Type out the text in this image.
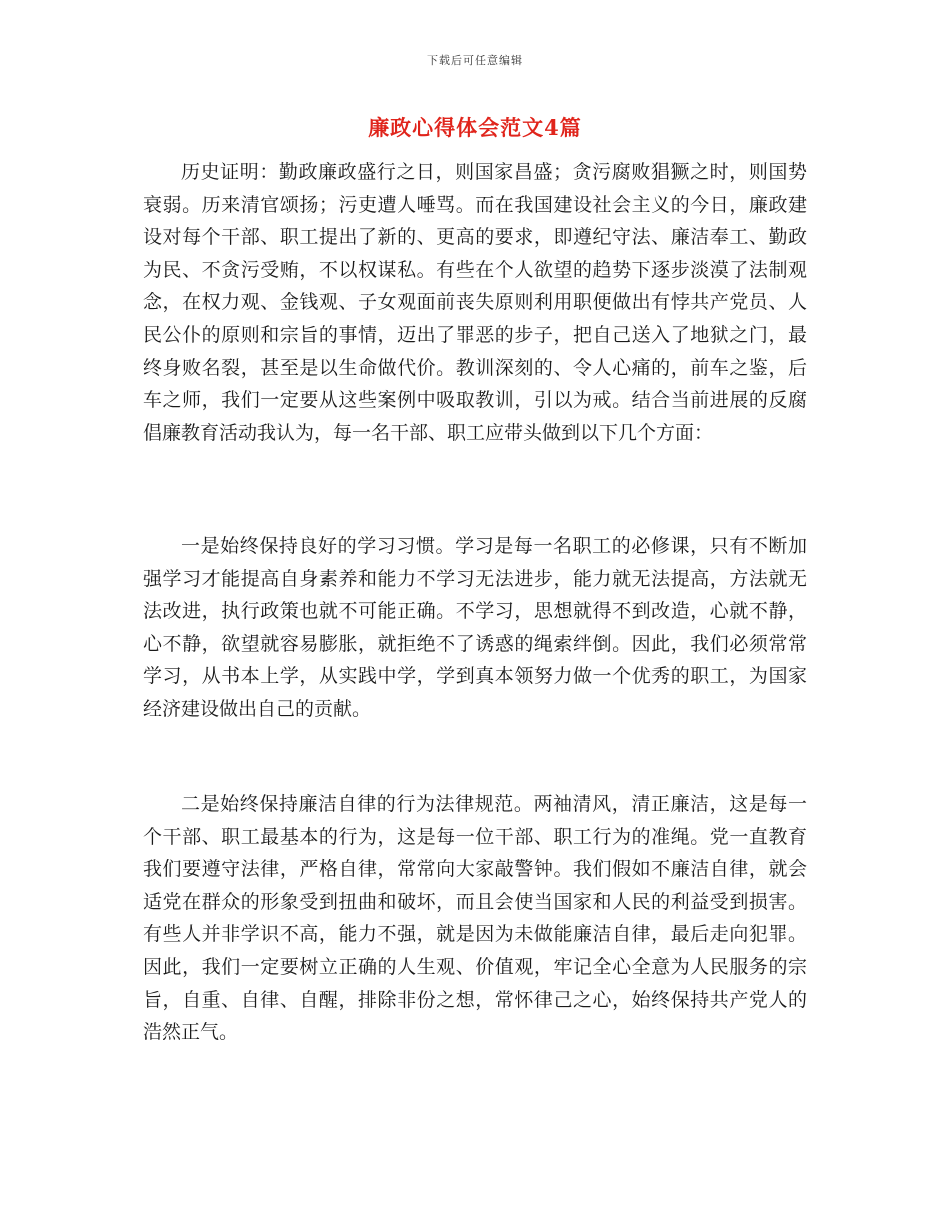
下载后可任意编辑
廉政心得体会范文4篇

历史证明：勤政廉政盛行之日，则国家昌盛；贪污腐败猖獗之时，则国势衰弱。历来清官颂扬；污吏遭人唾骂。而在我国建设社会主义的今日，廉政建设对每个干部、职工提出了新的、更高的要求，即遵纪守法、廉洁奉工、勤政为民、不贪污受贿，不以权谋私。有些在个人欲望的趋势下逐步淡漠了法制观念，在权力观、金钱观、子女观面前丧失原则利用职便做出有悖共产党员、人民公仆的原则和宗旨的事情，迈出了罪恶的步子，把自己送入了地狱之门，最终身败名裂，甚至是以生命做代价。教训深刻的、令人心痛的，前车之鉴，后车之师，我们一定要从这些案例中吸取教训，引以为戒。结合当前进展的反腐倡廉教育活动我认为，每一名干部、职工应带头做到以下几个方面：

一是始终保持良好的学习习惯。学习是每一名职工的必修课，只有不断加强学习才能提高自身素养和能力不学习无法进步，能力就无法提高，方法就无法改进，执行政策也就不可能正确。不学习，思想就得不到改造，心就不静，心不静，欲望就容易膨胀，就拒绝不了诱惑的绳索绊倒。因此，我们必须常常学习，从书本上学，从实践中学，学到真本领努力做一个优秀的职工，为国家经济建设做出自己的贡献。

二是始终保持廉洁自律的行为法律规范。两袖清风，清正廉洁，这是每一个干部、职工最基本的行为，这是每一位干部、职工行为的准绳。党一直教育我们要遵守法律，严格自律，常常向大家敲警钟。我们假如不廉洁自律，就会适党在群众的形象受到扭曲和破坏，而且会使当国家和人民的利益受到损害。有些人并非学识不高，能力不强，就是因为未做能廉洁自律，最后走向犯罪。因此，我们一定要树立正确的人生观、价值观，牢记全心全意为人民服务的宗旨，自重、自律、自醒，排除非份之想，常怀律己之心，始终保持共产党人的浩然正气。
